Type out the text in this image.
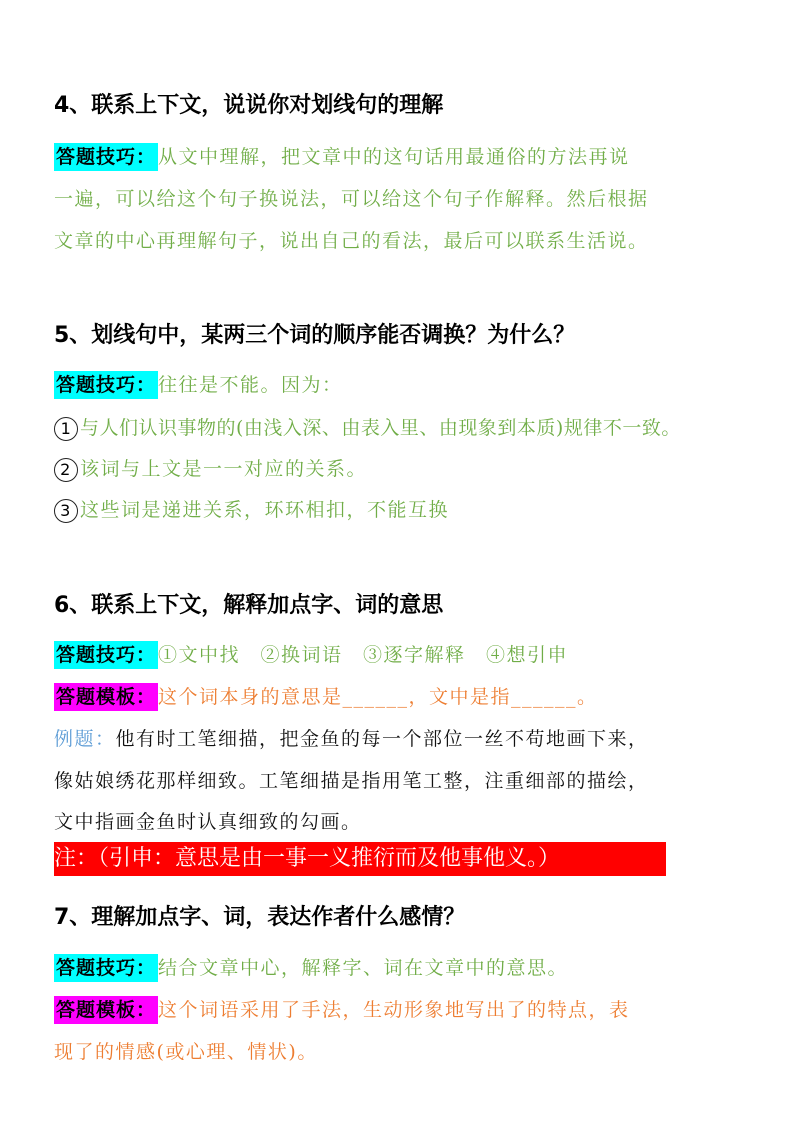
4、联系上下文，说说你对划线句的理解
答题技巧： 从文中理解，把文章中的这句话用最通俗的方法再说
一遍，可以给这个句子换说法，可以给这个句子作解释。然后根据
文章的中心再理解句子，说出自己的看法，最后可以联系生活说。
5、划线句中，某两三个词的顺序能否调换？为什么？
答题技巧： 往往是不能。因为：
1 与人们认识事物的(由浅入深、由表入里、由现象到本质)规律不一致。
2 该词与上文是一一对应的关系。
3 这些词是递进关系，环环相扣，不能互换
6、联系上下文，解释加点字、词的意思
答题技巧： ①文中找　②换词语　③逐字解释　④想引申
答题模板： 这个词本身的意思是______，文中是指______。
例题：他有时工笔细描，把金鱼的每一个部位一丝不苟地画下来，
像姑娘绣花那样细致。工笔细描是指用笔工整，注重细部的描绘，
文中指画金鱼时认真细致的勾画。
注：（引申：意思是由一事一义推衍而及他事他义。）
7、理解加点字、词，表达作者什么感情？
答题技巧： 结合文章中心，解释字、词在文章中的意思。
答题模板： 这个词语采用了手法，生动形象地写出了的特点，表
现了的情感(或心理、情状)。
